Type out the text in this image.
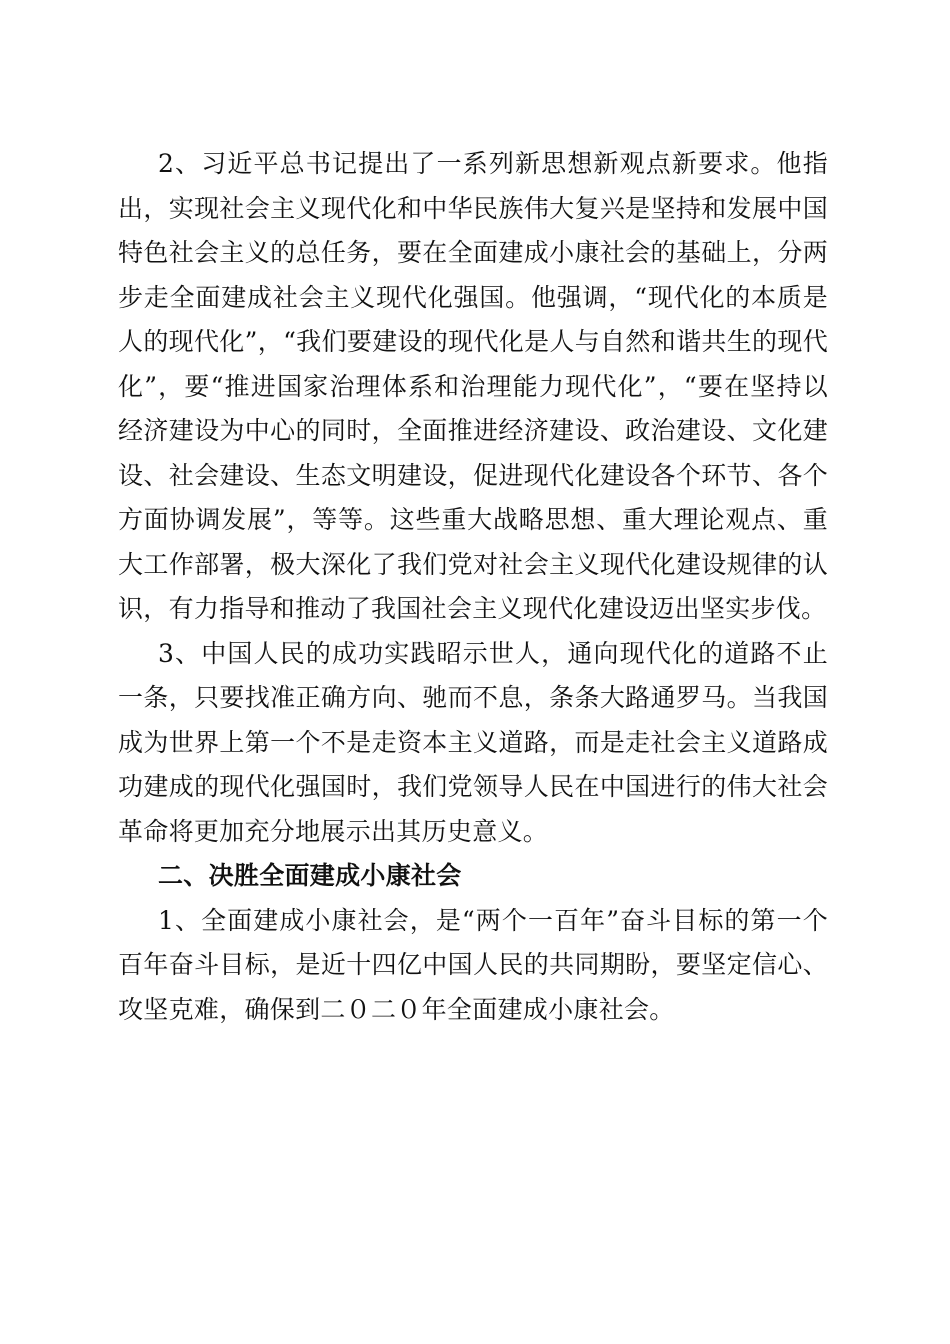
2、习近平总书记提出了一系列新思想新观点新要求。他指出，实现社会主义现代化和中华民族伟大复兴是坚持和发展中国特色社会主义的总任务，要在全面建成小康社会的基础上，分两步走全面建成社会主义现代化强国。他强调，“现代化的本质是人的现代化”，“我们要建设的现代化是人与自然和谐共生的现代化”，要“推进国家治理体系和治理能力现代化”，“要在坚持以经济建设为中心的同时，全面推进经济建设、政治建设、文化建设、社会建设、生态文明建设，促进现代化建设各个环节、各个方面协调发展”，等等。这些重大战略思想、重大理论观点、重大工作部署，极大深化了我们党对社会主义现代化建设规律的认识，有力指导和推动了我国社会主义现代化建设迈出坚实步伐。

3、中国人民的成功实践昭示世人，通向现代化的道路不止一条，只要找准正确方向、驰而不息，条条大路通罗马。当我国成为世界上第一个不是走资本主义道路，而是走社会主义道路成功建成的现代化强国时，我们党领导人民在中国进行的伟大社会革命将更加充分地展示出其历史意义。

二、决胜全面建成小康社会

1、全面建成小康社会，是“两个一百年”奋斗目标的第一个百年奋斗目标，是近十四亿中国人民的共同期盼，要坚定信心、攻坚克难，确保到二０二０年全面建成小康社会。
